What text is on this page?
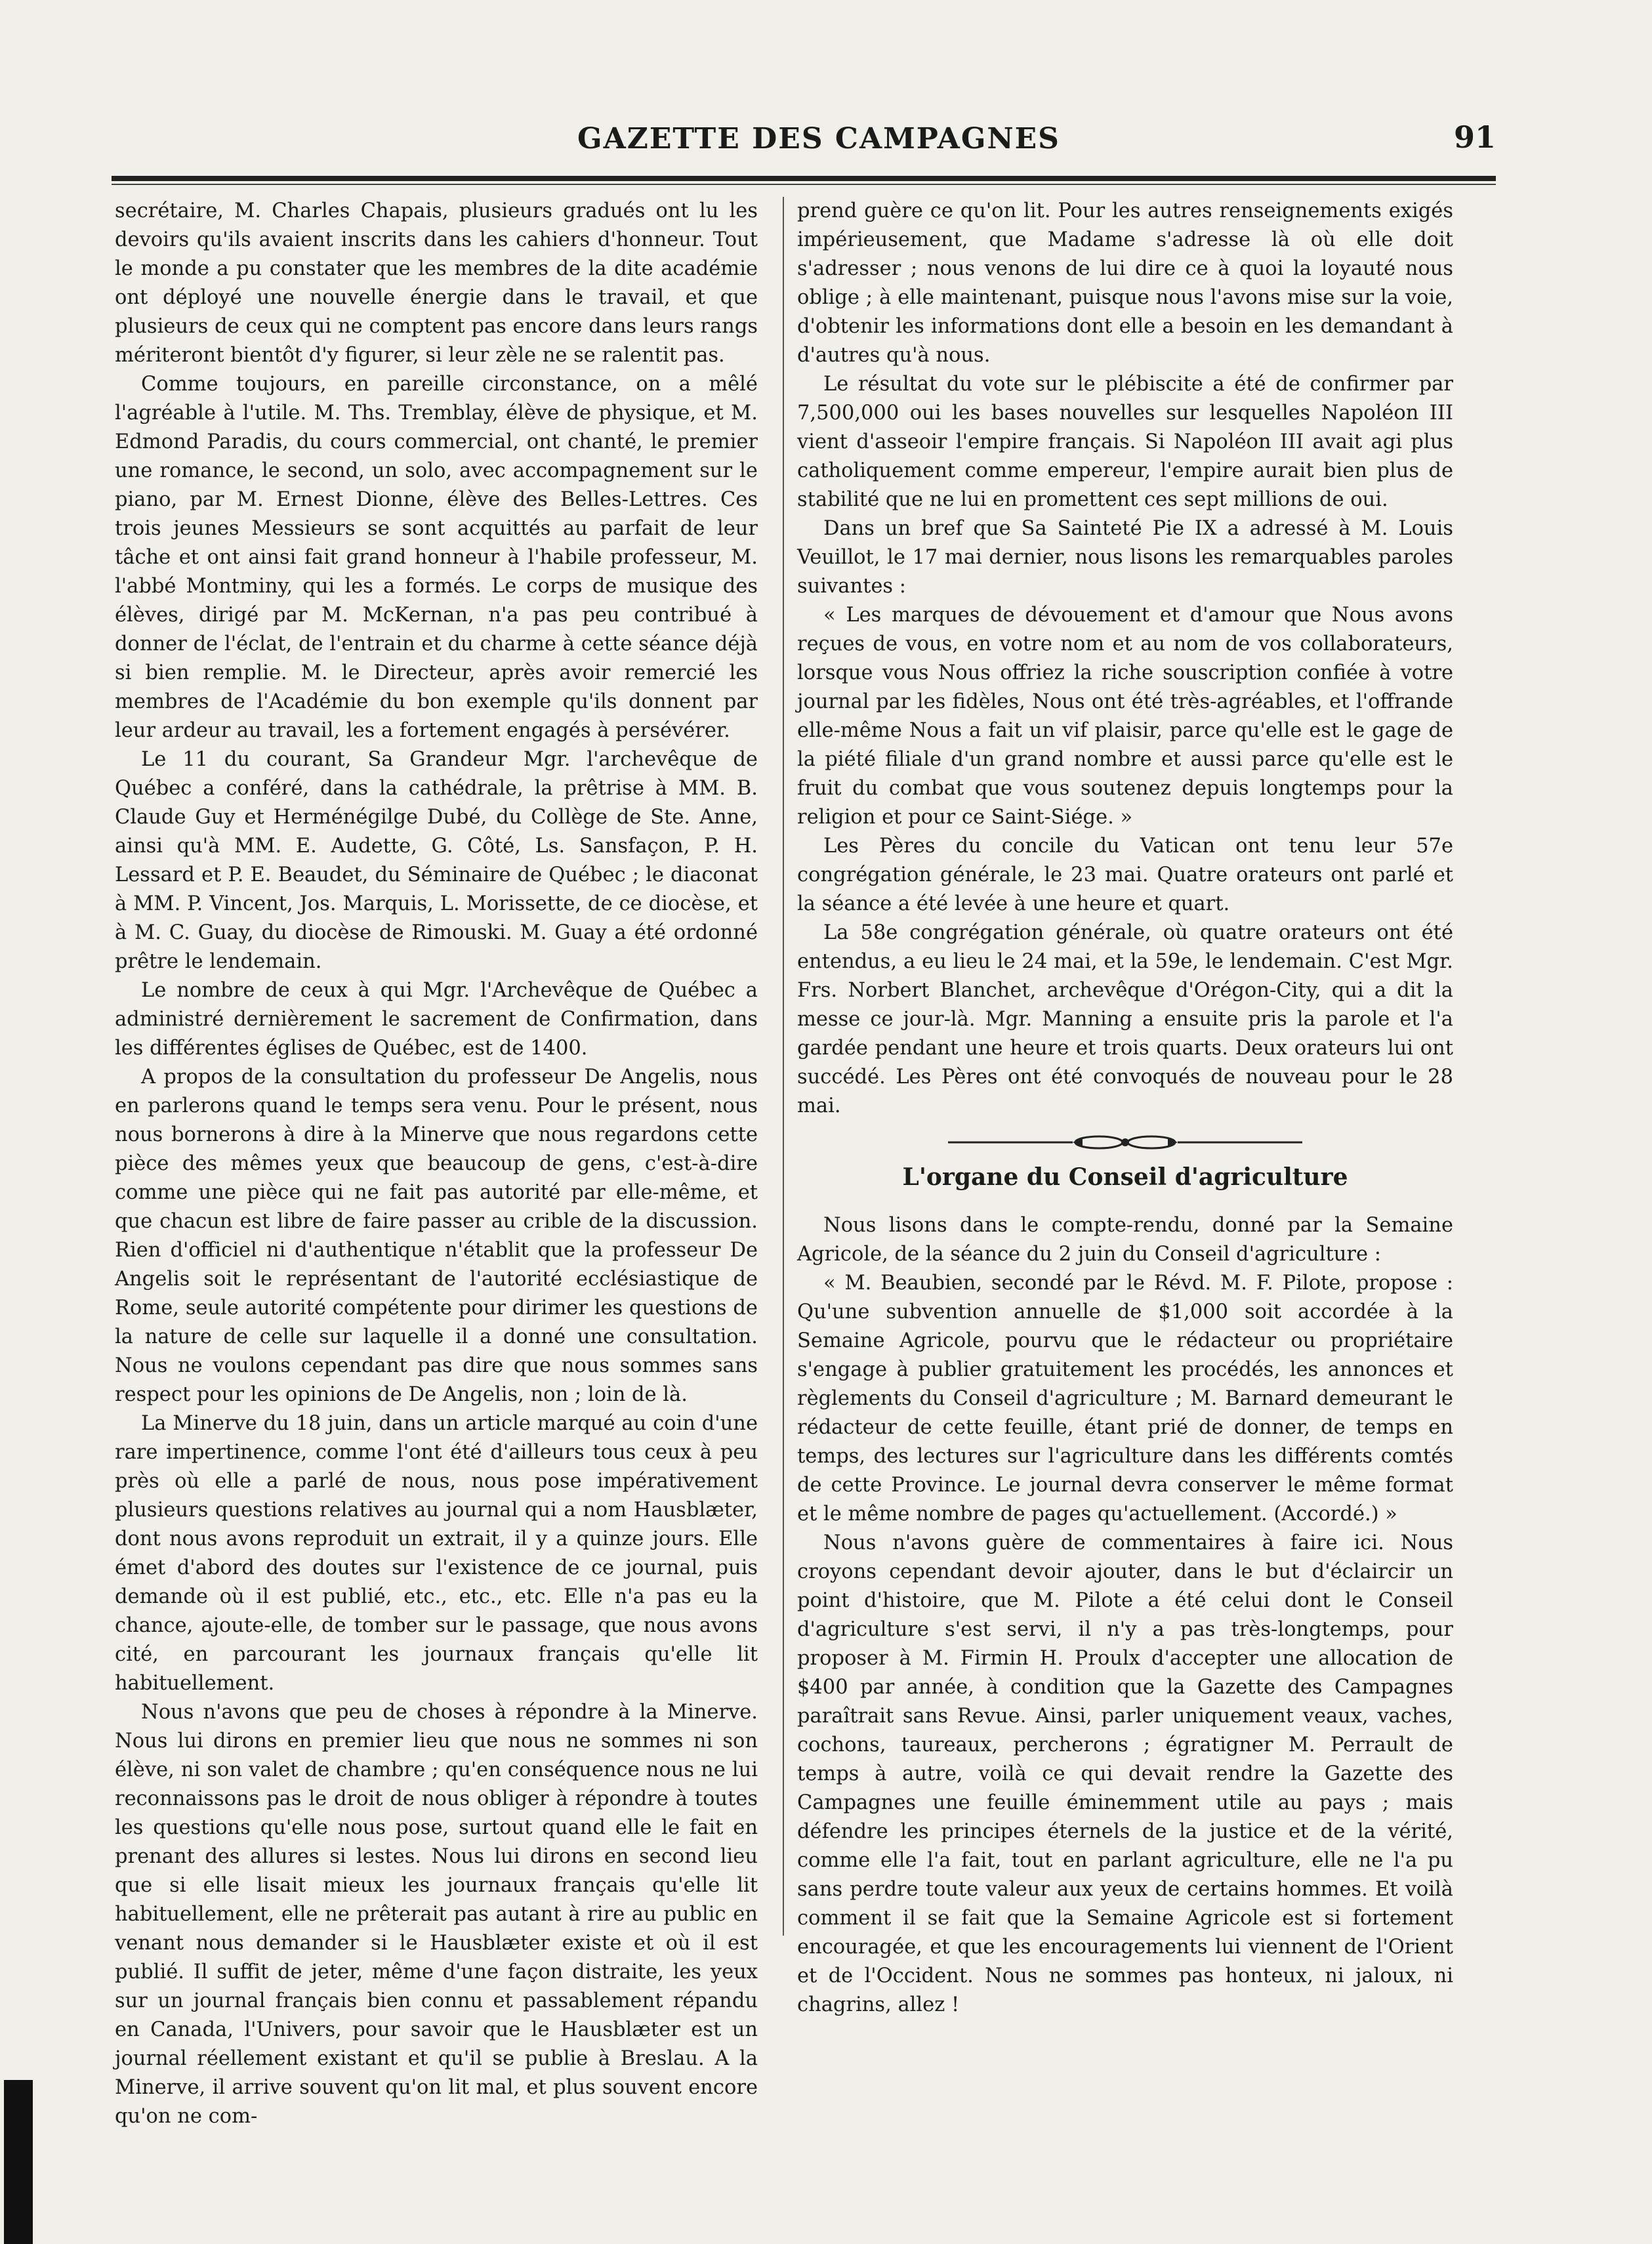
GAZETTE DES CAMPAGNES	91

secrétaire, M. Charles Chapais, plusieurs gradués ont lu les devoirs qu'ils avaient inscrits dans les cahiers d'honneur. Tout le monde a pu constater que les membres de la dite académie ont déployé une nouvelle énergie dans le travail, et que plusieurs de ceux qui ne comptent pas encore dans leurs rangs mériteront bientôt d'y figurer, si leur zèle ne se ralentit pas.

Comme toujours, en pareille circonstance, on a mêlé l'agréable à l'utile. M. Ths. Tremblay, élève de physique, et M. Edmond Paradis, du cours commercial, ont chanté, le premier une romance, le second, un solo, avec accompagnement sur le piano, par M. Ernest Dionne, élève des Belles-Lettres. Ces trois jeunes Messieurs se sont acquittés au parfait de leur tâche et ont ainsi fait grand honneur à l'habile professeur, M. l'abbé Montminy, qui les a formés. Le corps de musique des élèves, dirigé par M. McKernan, n'a pas peu contribué à donner de l'éclat, de l'entrain et du charme à cette séance déjà si bien remplie. M. le Directeur, après avoir remercié les membres de l'Académie du bon exemple qu'ils donnent par leur ardeur au travail, les a fortement engagés à persévérer.

Le 11 du courant, Sa Grandeur Mgr. l'archevêque de Québec a conféré, dans la cathédrale, la prêtrise à MM. B. Claude Guy et Herménégilge Dubé, du Collège de Ste. Anne, ainsi qu'à MM. E. Audette, G. Côté, Ls. Sansfaçon, P. H. Lessard et P. E. Beaudet, du Séminaire de Québec ; le diaconat à MM. P. Vincent, Jos. Marquis, L. Morissette, de ce diocèse, et à M. C. Guay, du diocèse de Rimouski. M. Guay a été ordonné prêtre le lendemain.

Le nombre de ceux à qui Mgr. l'Archevêque de Québec a administré dernièrement le sacrement de Confirmation, dans les différentes églises de Québec, est de 1400.

A propos de la consultation du professeur De Angelis, nous en parlerons quand le temps sera venu. Pour le présent, nous nous bornerons à dire à la Minerve que nous regardons cette pièce des mêmes yeux que beaucoup de gens, c'est-à-dire comme une pièce qui ne fait pas autorité par elle-même, et que chacun est libre de faire passer au crible de la discussion. Rien d'officiel ni d'authentique n'établit que la professeur De Angelis soit le représentant de l'autorité ecclésiastique de Rome, seule autorité compétente pour dirimer les questions de la nature de celle sur laquelle il a donné une consultation. Nous ne voulons cependant pas dire que nous sommes sans respect pour les opinions de De Angelis, non ; loin de là.

La Minerve du 18 juin, dans un article marqué au coin d'une rare impertinence, comme l'ont été d'ailleurs tous ceux à peu près où elle a parlé de nous, nous pose impérativement plusieurs questions relatives au journal qui a nom Hausblæter, dont nous avons reproduit un extrait, il y a quinze jours. Elle émet d'abord des doutes sur l'existence de ce journal, puis demande où il est publié, etc., etc., etc. Elle n'a pas eu la chance, ajoute-elle, de tomber sur le passage, que nous avons cité, en parcourant les journaux français qu'elle lit habituellement.

Nous n'avons que peu de choses à répondre à la Minerve. Nous lui dirons en premier lieu que nous ne sommes ni son élève, ni son valet de chambre ; qu'en conséquence nous ne lui reconnaissons pas le droit de nous obliger à répondre à toutes les questions qu'elle nous pose, surtout quand elle le fait en prenant des allures si lestes. Nous lui dirons en second lieu que si elle lisait mieux les journaux français qu'elle lit habituellement, elle ne prêterait pas autant à rire au public en venant nous demander si le Hausblæter existe et où il est publié. Il suffit de jeter, même d'une façon distraite, les yeux sur un journal français bien connu et passablement répandu en Canada, l'Univers, pour savoir que le Hausblæter est un journal réellement existant et qu'il se publie à Breslau. A la Minerve, il arrive souvent qu'on lit mal, et plus souvent encore qu'on ne com-

prend guère ce qu'on lit. Pour les autres renseignements exigés impérieusement, que Madame s'adresse là où elle doit s'adresser ; nous venons de lui dire ce à quoi la loyauté nous oblige ; à elle maintenant, puisque nous l'avons mise sur la voie, d'obtenir les informations dont elle a besoin en les demandant à d'autres qu'à nous.

Le résultat du vote sur le plébiscite a été de confirmer par 7,500,000 oui les bases nouvelles sur lesquelles Napoléon III vient d'asseoir l'empire français. Si Napoléon III avait agi plus catholiquement comme empereur, l'empire aurait bien plus de stabilité que ne lui en promettent ces sept millions de oui.

Dans un bref que Sa Sainteté Pie IX a adressé à M. Louis Veuillot, le 17 mai dernier, nous lisons les remarquables paroles suivantes :

« Les marques de dévouement et d'amour que Nous avons reçues de vous, en votre nom et au nom de vos collaborateurs, lorsque vous Nous offriez la riche souscription confiée à votre journal par les fidèles, Nous ont été très-agréables, et l'offrande elle-même Nous a fait un vif plaisir, parce qu'elle est le gage de la piété filiale d'un grand nombre et aussi parce qu'elle est le fruit du combat que vous soutenez depuis longtemps pour la religion et pour ce Saint-Siége. »

Les Pères du concile du Vatican ont tenu leur 57e congrégation générale, le 23 mai. Quatre orateurs ont parlé et la séance a été levée à une heure et quart.

La 58e congrégation générale, où quatre orateurs ont été entendus, a eu lieu le 24 mai, et la 59e, le lendemain. C'est Mgr. Frs. Norbert Blanchet, archevêque d'Orégon-City, qui a dit la messe ce jour-là. Mgr. Manning a ensuite pris la parole et l'a gardée pendant une heure et trois quarts. Deux orateurs lui ont succédé. Les Pères ont été convoqués de nouveau pour le 28 mai.

L'organe du Conseil d'agriculture

Nous lisons dans le compte-rendu, donné par la Semaine Agricole, de la séance du 2 juin du Conseil d'agriculture :

« M. Beaubien, secondé par le Révd. M. F. Pilote, propose : Qu'une subvention annuelle de $1,000 soit accordée à la Semaine Agricole, pourvu que le rédacteur ou propriétaire s'engage à publier gratuitement les procédés, les annonces et règlements du Conseil d'agriculture ; M. Barnard demeurant le rédacteur de cette feuille, étant prié de donner, de temps en temps, des lectures sur l'agriculture dans les différents comtés de cette Province. Le journal devra conserver le même format et le même nombre de pages qu'actuellement. (Accordé.) »

Nous n'avons guère de commentaires à faire ici. Nous croyons cependant devoir ajouter, dans le but d'éclaircir un point d'histoire, que M. Pilote a été celui dont le Conseil d'agriculture s'est servi, il n'y a pas très-longtemps, pour proposer à M. Firmin H. Proulx d'accepter une allocation de $400 par année, à condition que la Gazette des Campagnes paraîtrait sans Revue. Ainsi, parler uniquement veaux, vaches, cochons, taureaux, percherons ; égratigner M. Perrault de temps à autre, voilà ce qui devait rendre la Gazette des Campagnes une feuille éminemment utile au pays ; mais défendre les principes éternels de la justice et de la vérité, comme elle l'a fait, tout en parlant agriculture, elle ne l'a pu sans perdre toute valeur aux yeux de certains hommes. Et voilà comment il se fait que la Semaine Agricole est si fortement encouragée, et que les encouragements lui viennent de l'Orient et de l'Occident. Nous ne sommes pas honteux, ni jaloux, ni chagrins, allez !
